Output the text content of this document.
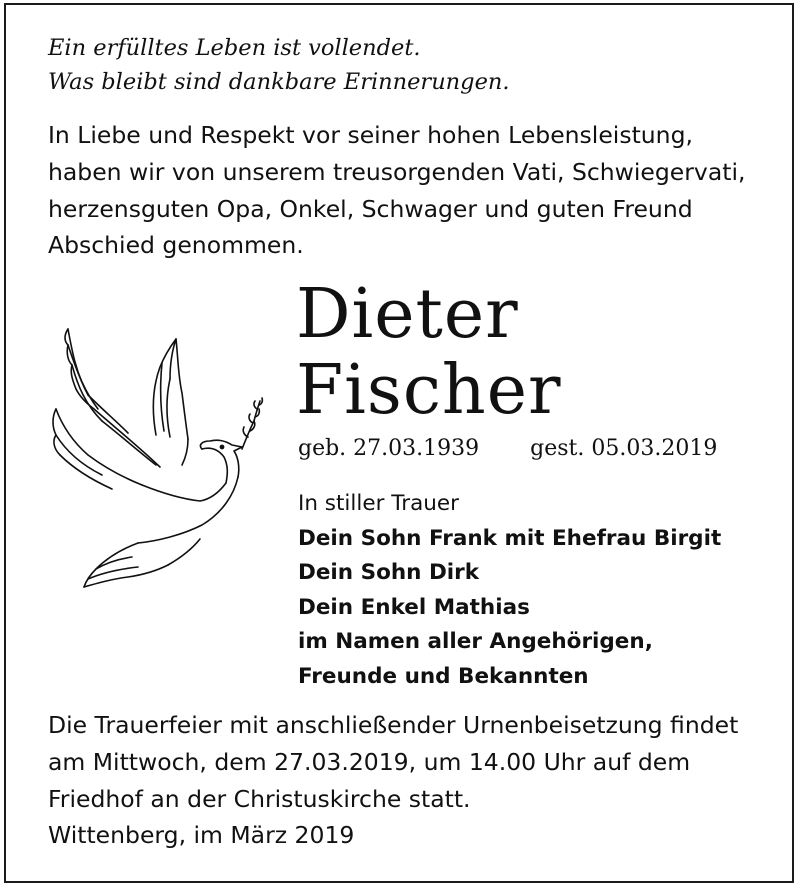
Ein erfülltes Leben ist vollendet.
Was bleibt sind dankbare Erinnerungen.
In Liebe und Respekt vor seiner hohen Lebensleistung,
haben wir von unserem treusorgenden Vati, Schwiegervati,
herzensguten Opa, Onkel, Schwager und guten Freund
Abschied genommen.
Dieter
Fischer
geb. 27.03.1939 gest. 05.03.2019
In stiller Trauer
Dein Sohn Frank mit Ehefrau Birgit
Dein Sohn Dirk
Dein Enkel Mathias
im Namen aller Angehörigen,
Freunde und Bekannten
Die Trauerfeier mit anschließender Urnenbeisetzung findet
am Mittwoch, dem 27.03.2019, um 14.00 Uhr auf dem
Friedhof an der Christuskirche statt.
Wittenberg, im März 2019
